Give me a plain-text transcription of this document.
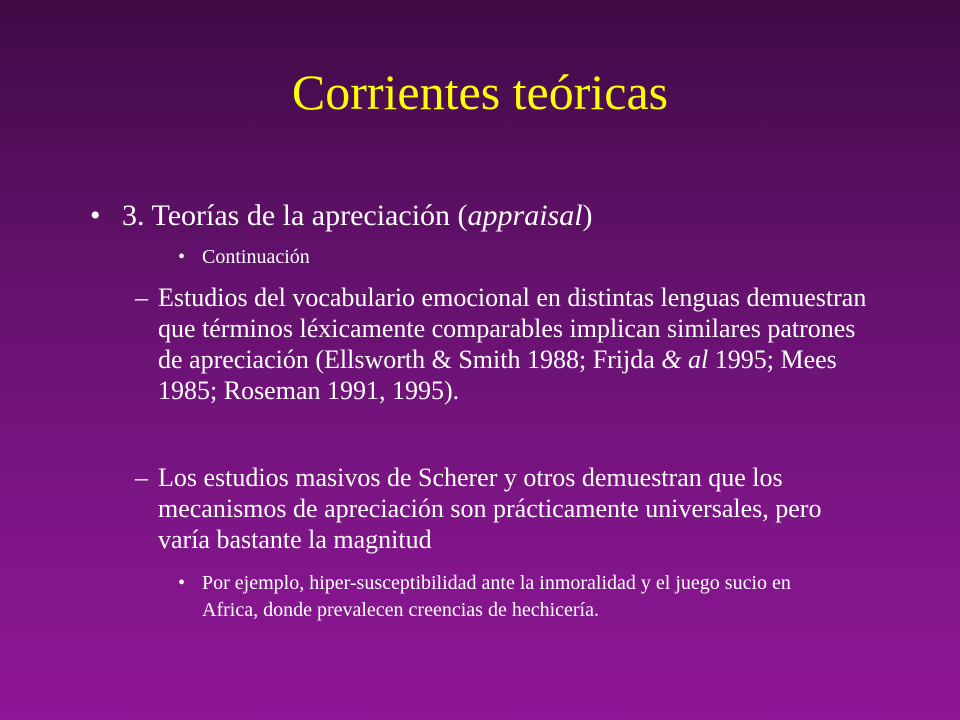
Corrientes teóricas
• 3. Teorías de la apreciación (appraisal)
• Continuación
– Estudios del vocabulario emocional en distintas lenguas demuestran que términos léxicamente comparables implican similares patrones de apreciación (Ellsworth & Smith 1988; Frijda & al 1995; Mees 1985; Roseman 1991, 1995).
– Los estudios masivos de Scherer y otros demuestran que los mecanismos de apreciación son prácticamente universales, pero varía bastante la magnitud
• Por ejemplo, hiper-susceptibilidad ante la inmoralidad y el juego sucio en Africa, donde prevalecen creencias de hechicería.
